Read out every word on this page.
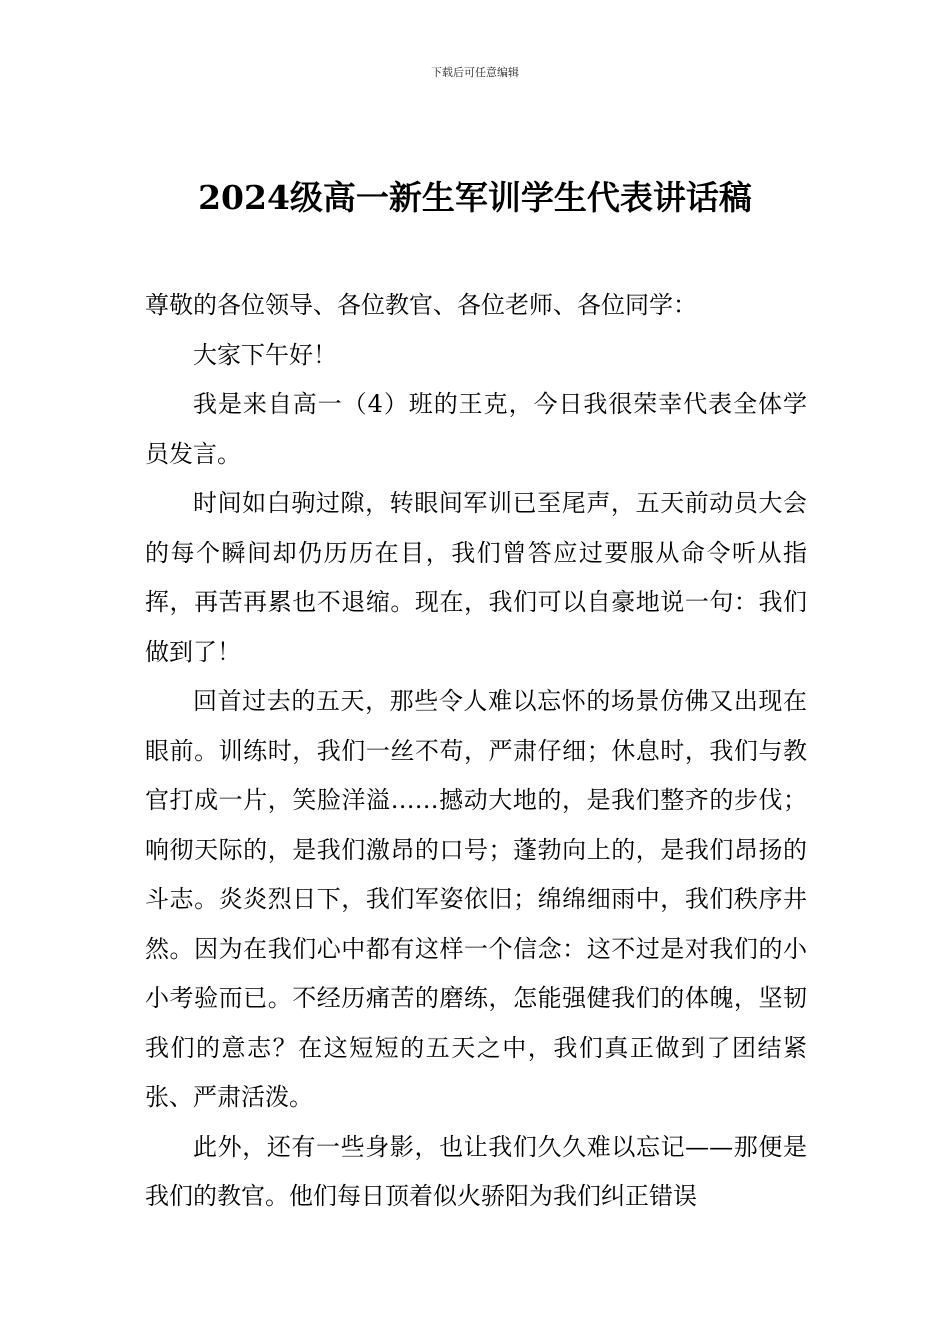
下载后可任意编辑
2024级高一新生军训学生代表讲话稿

尊敬的各位领导、各位教官、各位老师、各位同学：

大家下午好！

我是来自高一（4）班的王克，今日我很荣幸代表全体学员发言。

时间如白驹过隙，转眼间军训已至尾声，五天前动员大会的每个瞬间却仍历历在目，我们曾答应过要服从命令听从指挥，再苦再累也不退缩。现在，我们可以自豪地说一句：我们做到了！

回首过去的五天，那些令人难以忘怀的场景仿佛又出现在眼前。训练时，我们一丝不苟，严肃仔细；休息时，我们与教官打成一片，笑脸洋溢……撼动大地的，是我们整齐的步伐；响彻天际的，是我们激昂的口号；蓬勃向上的，是我们昂扬的斗志。炎炎烈日下，我们军姿依旧；绵绵细雨中，我们秩序井然。因为在我们心中都有这样一个信念：这不过是对我们的小小考验而已。不经历痛苦的磨练，怎能强健我们的体魄，坚韧我们的意志？在这短短的五天之中，我们真正做到了团结紧张、严肃活泼。

此外，还有一些身影，也让我们久久难以忘记——那便是我们的教官。他们每日顶着似火骄阳为我们纠正错误
